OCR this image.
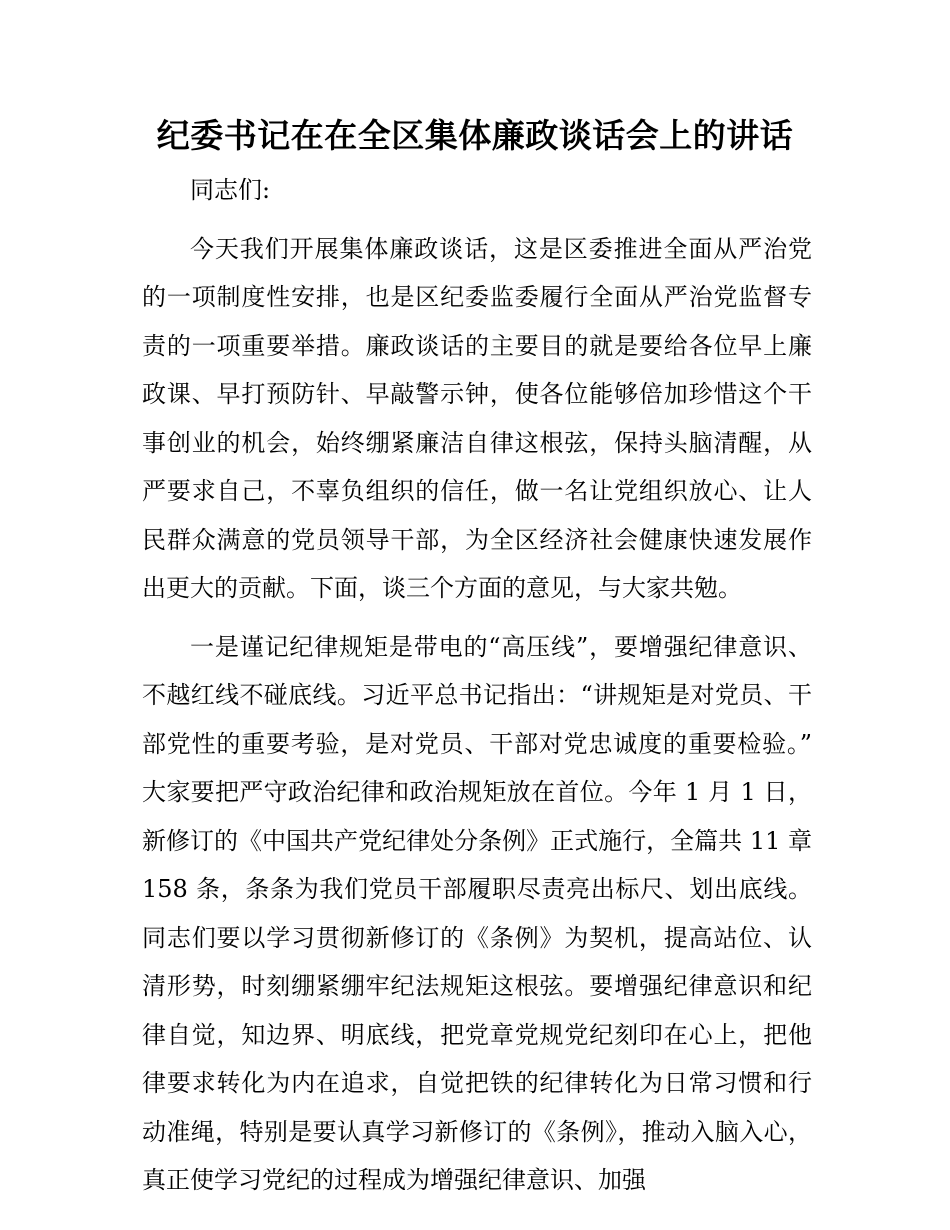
纪委书记在在全区集体廉政谈话会上的讲话

同志们:

今天我们开展集体廉政谈话，这是区委推进全面从严治党的一项制度性安排，也是区纪委监委履行全面从严治党监督专责的一项重要举措。廉政谈话的主要目的就是要给各位早上廉政课、早打预防针、早敲警示钟，使各位能够倍加珍惜这个干事创业的机会，始终绷紧廉洁自律这根弦，保持头脑清醒，从严要求自己，不辜负组织的信任，做一名让党组织放心、让人民群众满意的党员领导干部，为全区经济社会健康快速发展作出更大的贡献。下面，谈三个方面的意见，与大家共勉。

一是谨记纪律规矩是带电的“高压线”，要增强纪律意识、不越红线不碰底线。习近平总书记指出：“讲规矩是对党员、干部党性的重要考验，是对党员、干部对党忠诚度的重要检验。”大家要把严守政治纪律和政治规矩放在首位。今年 1 月 1 日，新修订的《中国共产党纪律处分条例》正式施行，全篇共 11 章 158 条，条条为我们党员干部履职尽责亮出标尺、划出底线。同志们要以学习贯彻新修订的《条例》为契机，提高站位、认清形势，时刻绷紧绷牢纪法规矩这根弦。要增强纪律意识和纪律自觉，知边界、明底线，把党章党规党纪刻印在心上，把他律要求转化为内在追求，自觉把铁的纪律转化为日常习惯和行动准绳，特别是要认真学习新修订的《条例》，推动入脑入心，真正使学习党纪的过程成为增强纪律意识、加强
